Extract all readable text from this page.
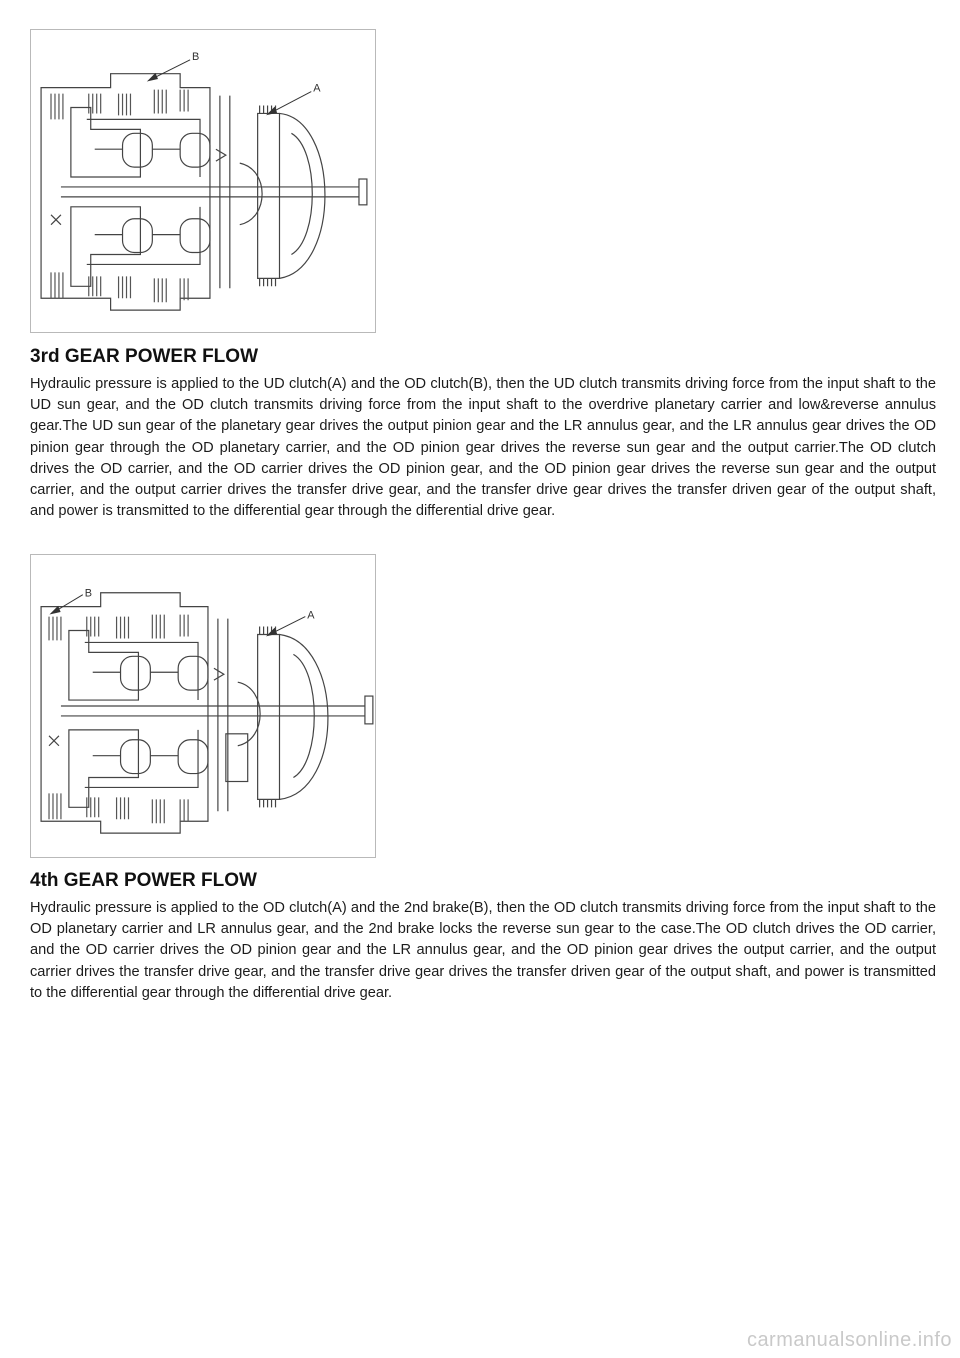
B
A
3rd GEAR POWER FLOW

Hydraulic pressure is applied to the UD clutch(A) and the OD clutch(B), then the UD clutch transmits driving force from the input shaft to the UD sun gear, and the OD clutch transmits driving force from the input shaft to the overdrive planetary carrier and low&reverse annulus gear.The UD sun gear of the planetary gear drives the output pinion gear and the LR annulus gear, and the LR annulus gear drives the OD pinion gear through the OD planetary carrier, and the OD pinion gear drives the reverse sun gear and the output carrier.The OD clutch drives the OD carrier, and the OD carrier drives the OD pinion gear, and the OD pinion gear drives the reverse sun gear and the output carrier, and the output carrier drives the transfer drive gear, and the transfer drive gear drives the transfer driven gear of the output shaft, and power is transmitted to the differential gear through the differential drive gear.

B
A
4th GEAR POWER FLOW

Hydraulic pressure is applied to the OD clutch(A) and the 2nd brake(B), then the OD clutch transmits driving force from the input shaft to the OD planetary carrier and LR annulus gear, and the 2nd brake locks the reverse sun gear to the case.The OD clutch drives the OD carrier, and the OD carrier drives the OD pinion gear and the LR annulus gear, and the OD pinion gear drives the output carrier, and the output carrier drives the transfer drive gear, and the transfer drive gear drives the transfer driven gear of the output shaft, and power is transmitted to the differential gear through the differential drive gear.

carmanualsonline.info
